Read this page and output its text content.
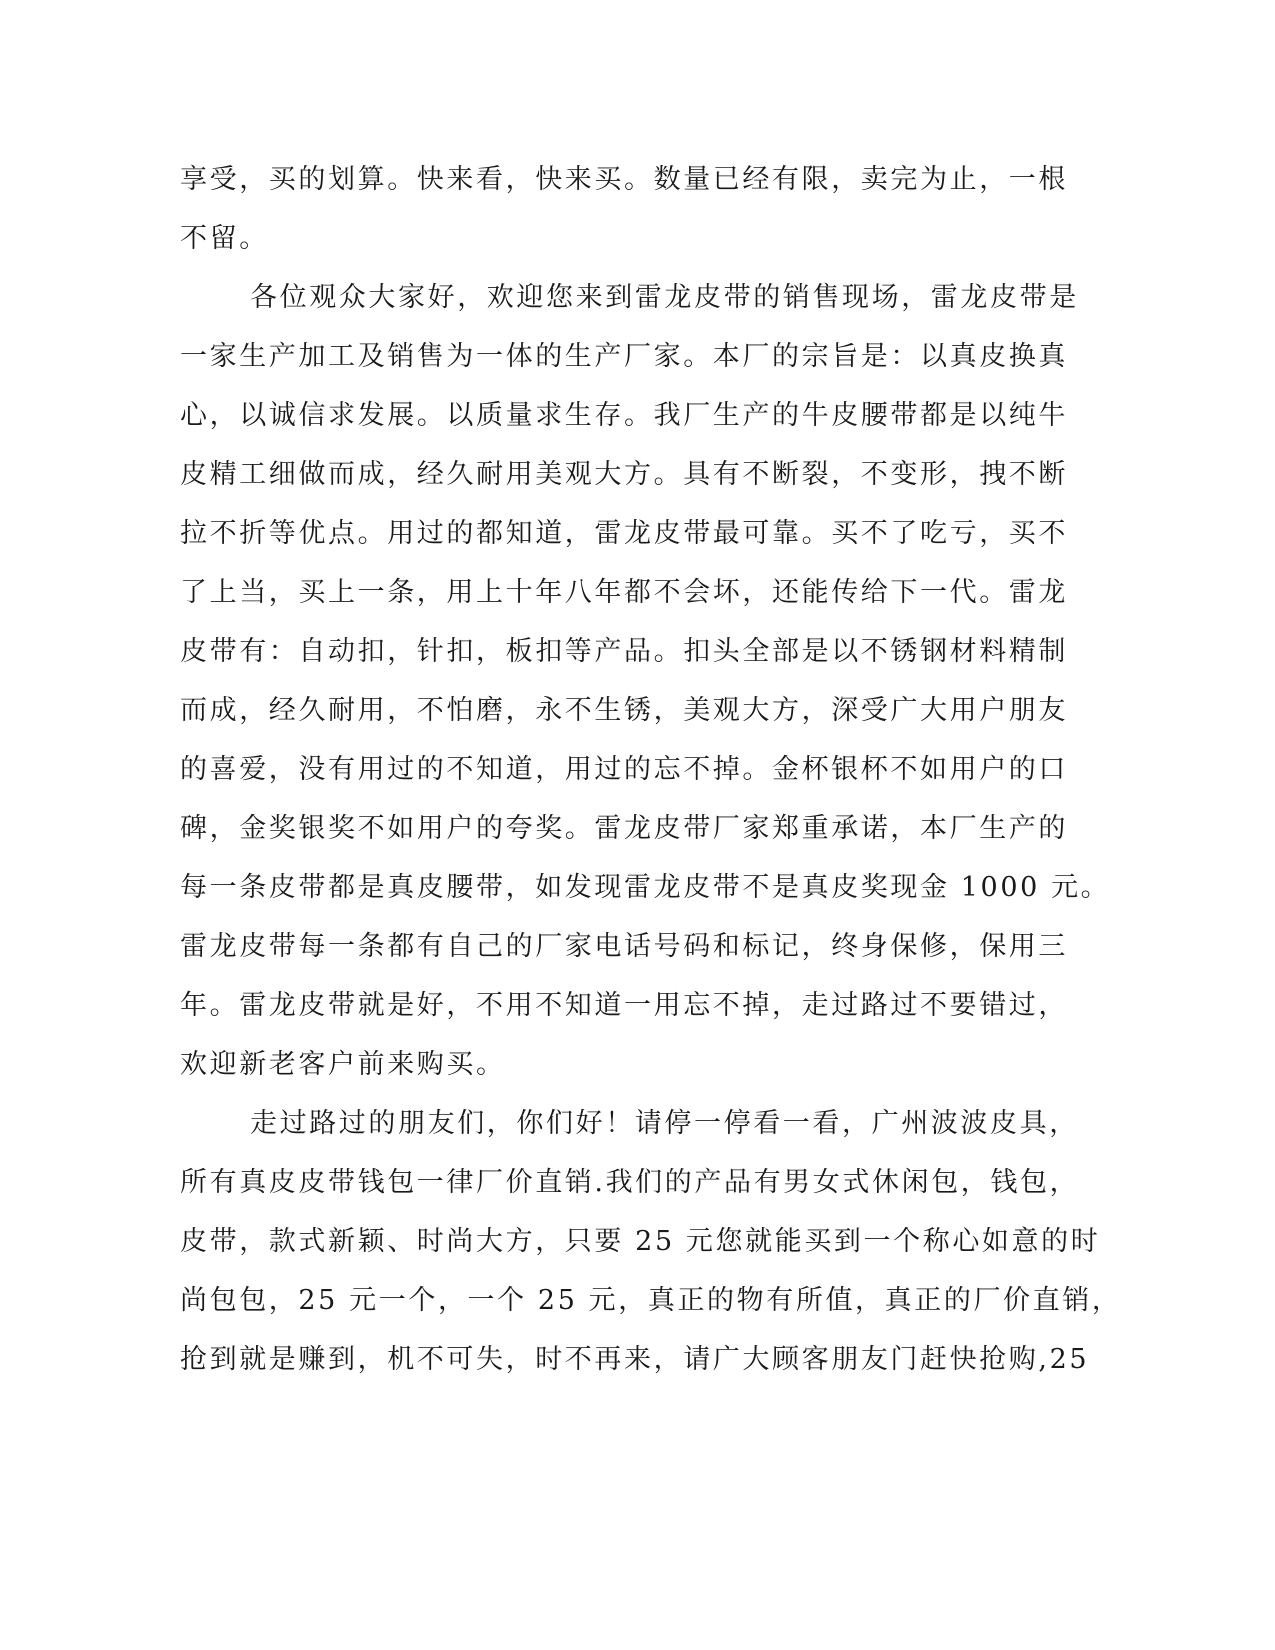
享受，买的划算。快来看，快来买。数量已经有限，卖完为止，一根
不留。
各位观众大家好，欢迎您来到雷龙皮带的销售现场，雷龙皮带是
一家生产加工及销售为一体的生产厂家。本厂的宗旨是：以真皮换真
心，以诚信求发展。以质量求生存。我厂生产的牛皮腰带都是以纯牛
皮精工细做而成，经久耐用美观大方。具有不断裂，不变形，拽不断
拉不折等优点。用过的都知道，雷龙皮带最可靠。买不了吃亏，买不
了上当，买上一条，用上十年八年都不会坏，还能传给下一代。雷龙
皮带有：自动扣，针扣，板扣等产品。扣头全部是以不锈钢材料精制
而成，经久耐用，不怕磨，永不生锈，美观大方，深受广大用户朋友
的喜爱，没有用过的不知道，用过的忘不掉。金杯银杯不如用户的口
碑，金奖银奖不如用户的夸奖。雷龙皮带厂家郑重承诺，本厂生产的
每一条皮带都是真皮腰带，如发现雷龙皮带不是真皮奖现金 1000 元。
雷龙皮带每一条都有自己的厂家电话号码和标记，终身保修，保用三
年。雷龙皮带就是好，不用不知道一用忘不掉，走过路过不要错过，
欢迎新老客户前来购买。
走过路过的朋友们，你们好！请停一停看一看，广州波波皮具，
所有真皮皮带钱包一律厂价直销.我们的产品有男女式休闲包，钱包，
皮带，款式新颖、时尚大方，只要 25 元您就能买到一个称心如意的时
尚包包，25 元一个，一个 25 元，真正的物有所值，真正的厂价直销，
抢到就是赚到，机不可失，时不再来，请广大顾客朋友门赶快抢购,25
